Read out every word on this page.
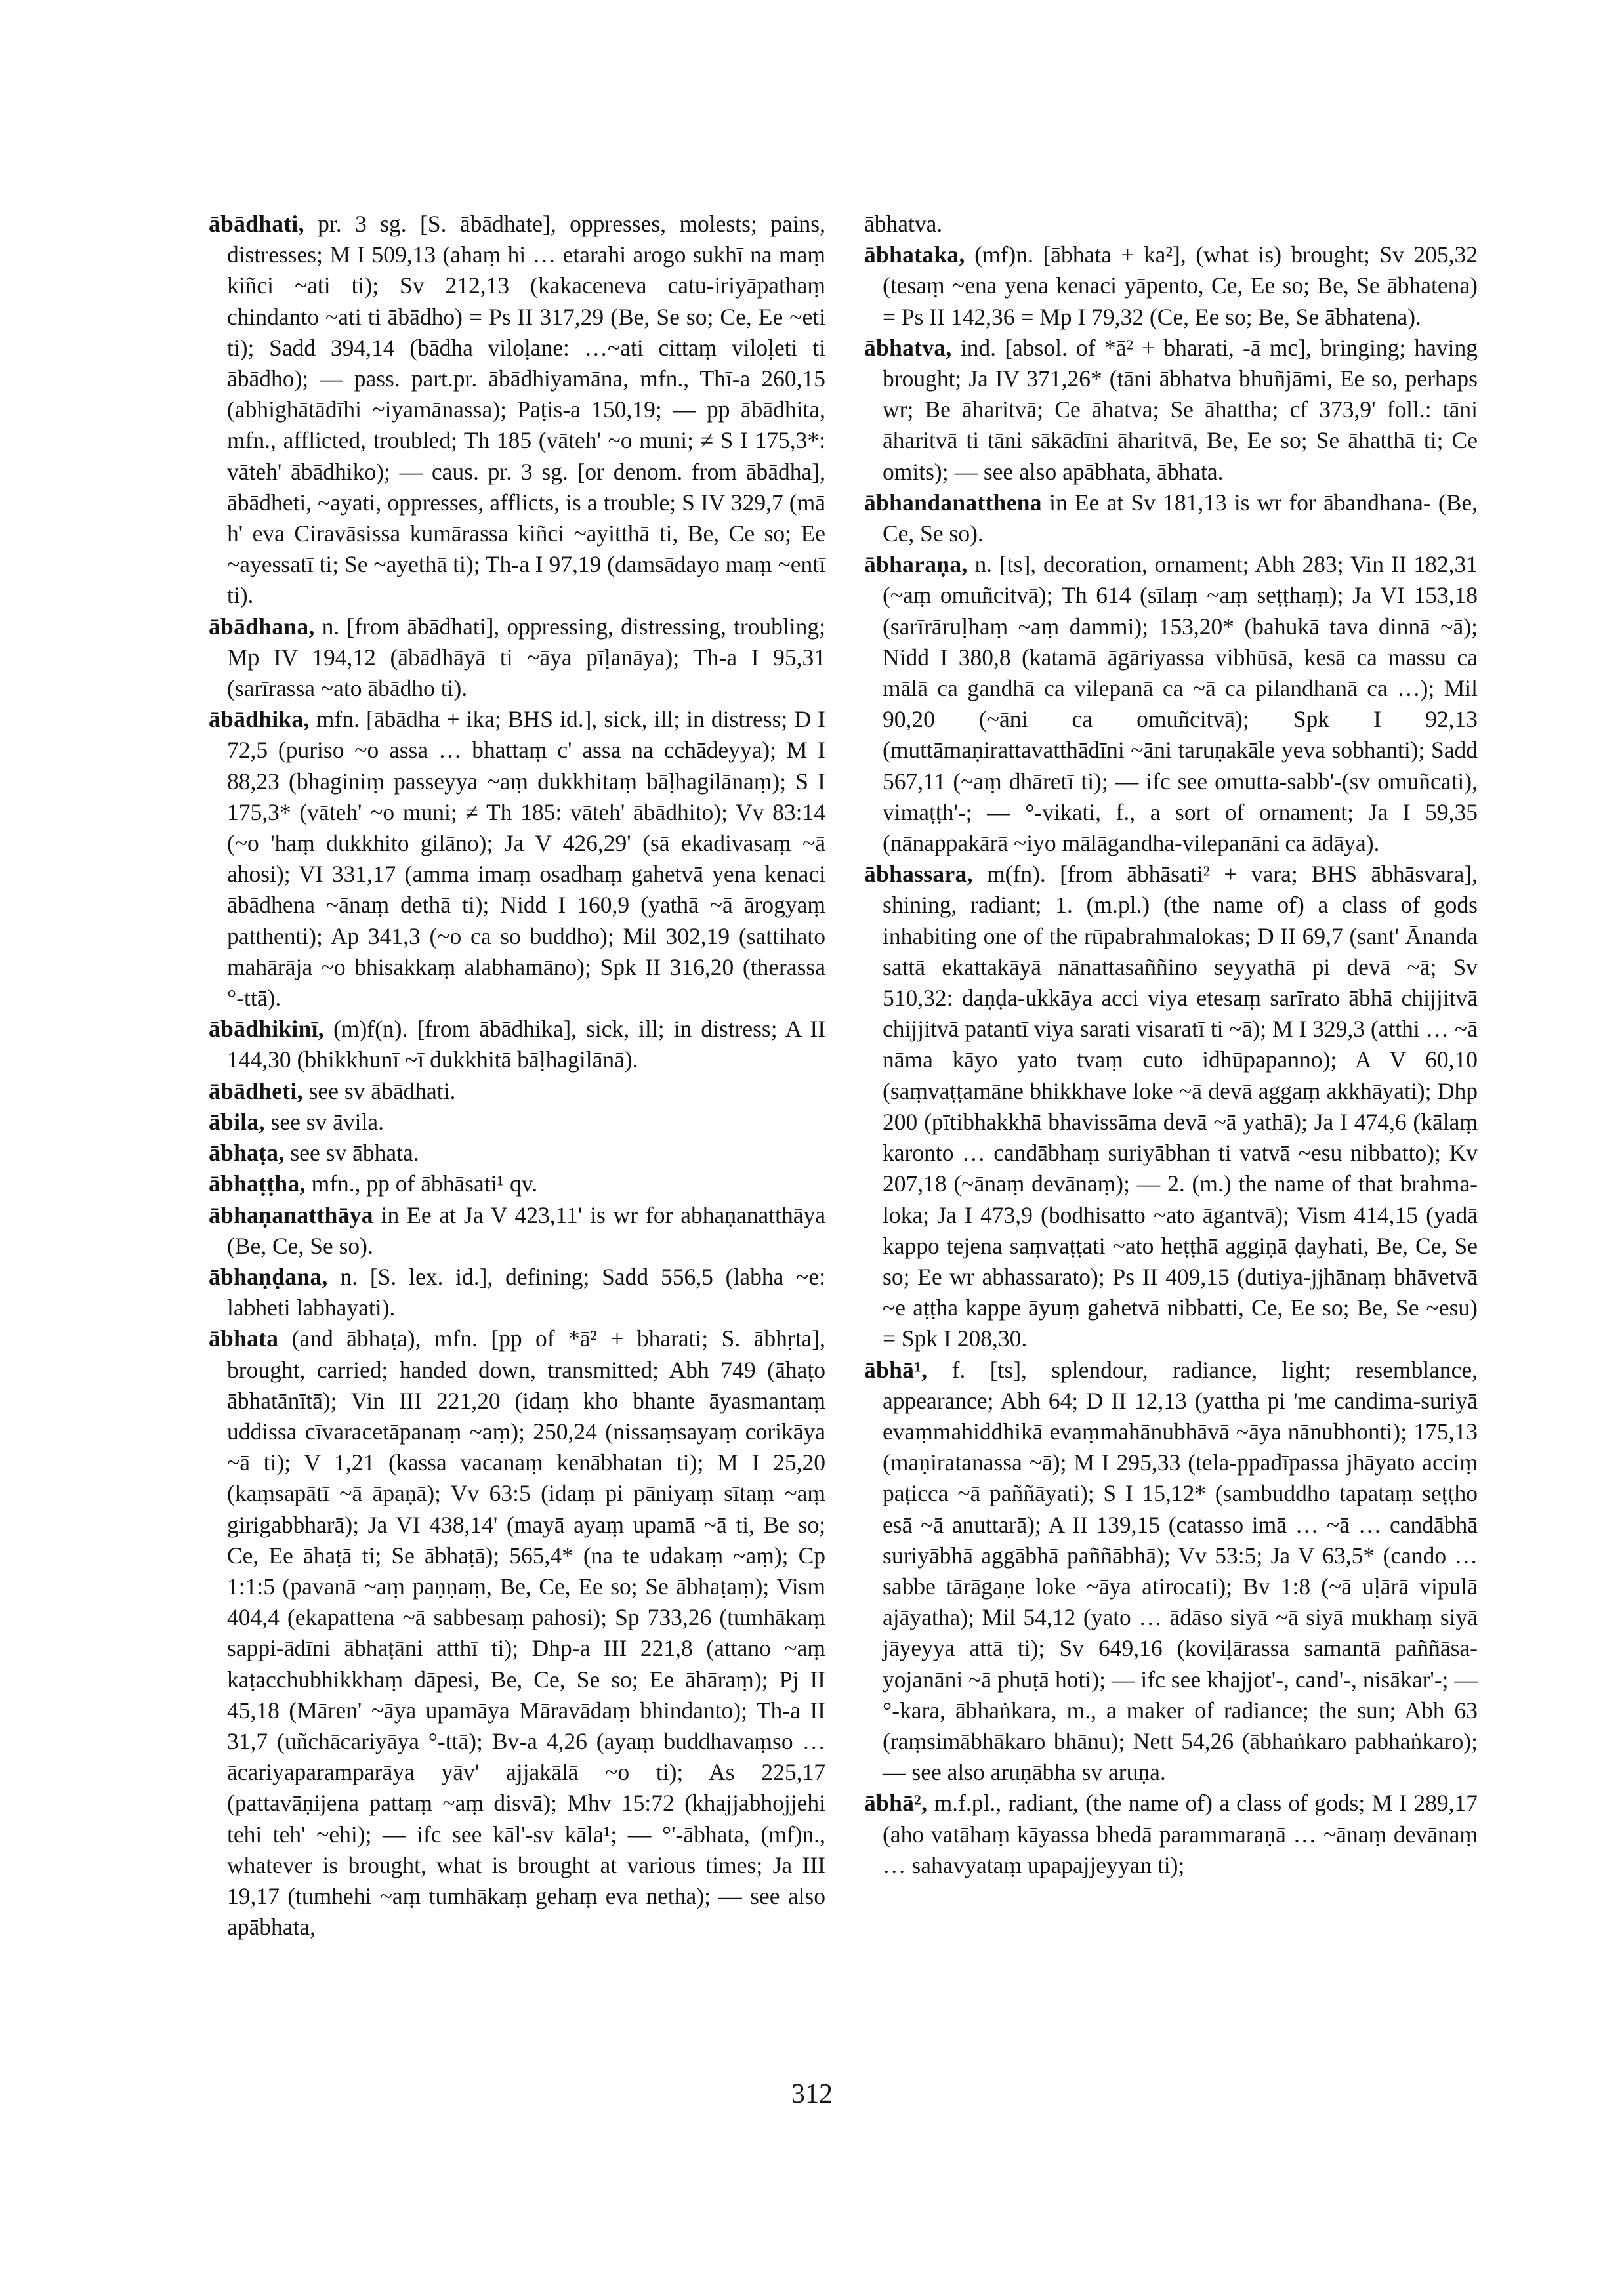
ābādhati, pr. 3 sg. [S. ābādhate], oppresses, molests; pains, distresses; M I 509,13 (ahaṃ hi … etarahi arogo sukhī na maṃ kiñci ~ati ti); Sv 212,13 (kakaceneva catu-iriyāpathaṃ chindanto ~ati ti ābādho) = Ps II 317,29 (Be, Se so; Ce, Ee ~eti ti); Sadd 394,14 (bādha viloḷane: …~ati cittaṃ viloḷeti ti ābādho); — pass. part.pr. ābādhiyamāna, mfn., Thī-a 260,15 (abhighātādīhi ~iyamānassa); Paṭis-a 150,19; — pp ābādhita, mfn., afflicted, troubled; Th 185 (vāteh' ~o muni; ≠ S I 175,3*: vāteh' ābādhiko); — caus. pr. 3 sg. [or denom. from ābādha], ābādheti, ~ayati, oppresses, afflicts, is a trouble; S IV 329,7 (mā h' eva Ciravāsissa kumārassa kiñci ~ayitthā ti, Be, Ce so; Ee ~ayessatī ti; Se ~ayethā ti); Th-a I 97,19 (damsādayo maṃ ~entī ti).

ābādhana, n. [from ābādhati], oppressing, distressing, troubling; Mp IV 194,12 (ābādhāyā ti ~āya pīḷanāya); Th-a I 95,31 (sarīrassa ~ato ābādho ti).

ābādhika, mfn. [ābādha + ika; BHS id.], sick, ill; in distress; D I 72,5 (puriso ~o assa … bhattaṃ c' assa na cchādeyya); M I 88,23 (bhaginiṃ passeyya ~aṃ dukkhitaṃ bāḷhagilānaṃ); S I 175,3* (vāteh' ~o muni; ≠ Th 185: vāteh' ābādhito); Vv 83:14 (~o 'haṃ dukkhito gilāno); Ja V 426,29' (sā ekadivasaṃ ~ā ahosi); VI 331,17 (amma imaṃ osadhaṃ gahetvā yena kenaci ābādhena ~ānaṃ dethā ti); Nidd I 160,9 (yathā ~ā ārogyaṃ patthenti); Ap 341,3 (~o ca so buddho); Mil 302,19 (sattihato mahārāja ~o bhisakkaṃ alabhamāno); Spk II 316,20 (therassa °-ttā).

ābādhikinī, (m)f(n). [from ābādhika], sick, ill; in distress; A II 144,30 (bhikkhunī ~ī dukkhitā bāḷhagilānā).

ābādheti, see sv ābādhati.

ābila, see sv āvila.

ābhaṭa, see sv ābhata.

ābhaṭṭha, mfn., pp of ābhāsati¹ qv.

ābhaṇanatthāya in Ee at Ja V 423,11' is wr for abhaṇanatthāya (Be, Ce, Se so).

ābhaṇḍana, n. [S. lex. id.], defining; Sadd 556,5 (labha ~e: labheti labhayati).

ābhata (and ābhaṭa), mfn. [pp of *ā² + bharati; S. ābhṛta], brought, carried; handed down, transmitted; Abh 749 (āhaṭo ābhatānītā); Vin III 221,20 (idaṃ kho bhante āyasmantaṃ uddissa cīvaracetāpanaṃ ~aṃ); 250,24 (nissaṃsayaṃ corikāya ~ā ti); V 1,21 (kassa vacanaṃ kenābhatan ti); M I 25,20 (kaṃsapātī ~ā āpaṇā); Vv 63:5 (idaṃ pi pāniyaṃ sītaṃ ~aṃ girigabbharā); Ja VI 438,14' (mayā ayaṃ upamā ~ā ti, Be so; Ce, Ee āhaṭā ti; Se ābhaṭā); 565,4* (na te udakaṃ ~aṃ); Cp 1:1:5 (pavanā ~aṃ paṇṇaṃ, Be, Ce, Ee so; Se ābhaṭaṃ); Vism 404,4 (ekapattena ~ā sabbesaṃ pahosi); Sp 733,26 (tumhākaṃ sappi-ādīni ābhaṭāni atthī ti); Dhp-a III 221,8 (attano ~aṃ kaṭacchubhikkhaṃ dāpesi, Be, Ce, Se so; Ee āhāraṃ); Pj II 45,18 (Māren' ~āya upamāya Māravādaṃ bhindanto); Th-a II 31,7 (uñchācariyāya °-ttā); Bv-a 4,26 (ayaṃ buddhavaṃso … ācariyaparamparāya yāv' ajjakālā ~o ti); As 225,17 (pattavāṇijena pattaṃ ~aṃ disvā); Mhv 15:72 (khajjabhojjehi tehi teh' ~ehi); — ifc see kāl'-sv kāla¹; — °'-ābhata, (mf)n., whatever is brought, what is brought at various times; Ja III 19,17 (tumhehi ~aṃ tumhākaṃ gehaṃ eva netha); — see also apābhata,

ābhatva.

ābhataka, (mf)n. [ābhata + ka²], (what is) brought; Sv 205,32 (tesaṃ ~ena yena kenaci yāpento, Ce, Ee so; Be, Se ābhatena) = Ps II 142,36 = Mp I 79,32 (Ce, Ee so; Be, Se ābhatena).

ābhatva, ind. [absol. of *ā² + bharati, -ā mc], bringing; having brought; Ja IV 371,26* (tāni ābhatva bhuñjāmi, Ee so, perhaps wr; Be āharitvā; Ce āhatva; Se āhattha; cf 373,9' foll.: tāni āharitvā ti tāni sākādīni āharitvā, Be, Ee so; Se āhatthā ti; Ce omits); — see also apābhata, ābhata.

ābhandanatthena in Ee at Sv 181,13 is wr for ābandhana- (Be, Ce, Se so).

ābharaṇa, n. [ts], decoration, ornament; Abh 283; Vin II 182,31 (~aṃ omuñcitvā); Th 614 (sīlaṃ ~aṃ seṭṭhaṃ); Ja VI 153,18 (sarīrāruḷhaṃ ~aṃ dammi); 153,20* (bahukā tava dinnā ~ā); Nidd I 380,8 (katamā āgāriyassa vibhūsā, kesā ca massu ca mālā ca gandhā ca vilepanā ca ~ā ca pilandhanā ca …); Mil 90,20 (~āni ca omuñcitvā); Spk I 92,13 (muttāmaṇirattavatthādīni ~āni taruṇakāle yeva sobhanti); Sadd 567,11 (~aṃ dhāretī ti); — ifc see omutta-sabb'-(sv omuñcati), vimaṭṭh'-; — °-vikati, f., a sort of ornament; Ja I 59,35 (nānappakārā ~iyo mālāgandha-vilepanāni ca ādāya).

ābhassara, m(fn). [from ābhāsati² + vara; BHS ābhāsvara], shining, radiant; 1. (m.pl.) (the name of) a class of gods inhabiting one of the rūpabrahmalokas; D II 69,7 (sant' Ānanda sattā ekattakāyā nānattasaññino seyyathā pi devā ~ā; Sv 510,32: daṇḍa-ukkāya acci viya etesaṃ sarīrato ābhā chijjitvā chijjitvā patantī viya sarati visaratī ti ~ā); M I 329,3 (atthi … ~ā nāma kāyo yato tvaṃ cuto idhūpapanno); A V 60,10 (saṃvaṭṭamāne bhikkhave loke ~ā devā aggaṃ akkhāyati); Dhp 200 (pītibhakkhā bhavissāma devā ~ā yathā); Ja I 474,6 (kālaṃ karonto … candābhaṃ suriyābhan ti vatvā ~esu nibbatto); Kv 207,18 (~ānaṃ devānaṃ); — 2. (m.) the name of that brahma-loka; Ja I 473,9 (bodhisatto ~ato āgantvā); Vism 414,15 (yadā kappo tejena saṃvaṭṭati ~ato heṭṭhā aggiṇā ḍayhati, Be, Ce, Se so; Ee wr abhassarato); Ps II 409,15 (dutiya-jjhānaṃ bhāvetvā ~e aṭṭha kappe āyuṃ gahetvā nibbatti, Ce, Ee so; Be, Se ~esu) = Spk I 208,30.

ābhā¹, f. [ts], splendour, radiance, light; resemblance, appearance; Abh 64; D II 12,13 (yattha pi 'me candima-suriyā evaṃmahiddhikā evaṃmahānubhāvā ~āya nānubhonti); 175,13 (maṇiratanassa ~ā); M I 295,33 (tela-ppadīpassa jhāyato acciṃ paṭicca ~ā paññāyati); S I 15,12* (sambuddho tapataṃ seṭṭho esā ~ā anuttarā); A II 139,15 (catasso imā … ~ā … candābhā suriyābhā aggābhā paññābhā); Vv 53:5; Ja V 63,5* (cando … sabbe tārāgaṇe loke ~āya atirocati); Bv 1:8 (~ā uḷārā vipulā ajāyatha); Mil 54,12 (yato … ādāso siyā ~ā siyā mukhaṃ siyā jāyeyya attā ti); Sv 649,16 (koviḷārassa samantā paññāsa-yojanāni ~ā phuṭā hoti); — ifc see khajjot'-, cand'-, nisākar'-; — °-kara, ābhaṅkara, m., a maker of radiance; the sun; Abh 63 (raṃsimābhākaro bhānu); Nett 54,26 (ābhaṅkaro pabhaṅkaro); — see also aruṇābha sv aruṇa.

ābhā², m.f.pl., radiant, (the name of) a class of gods; M I 289,17 (aho vatāhaṃ kāyassa bhedā parammaraṇā … ~ānaṃ devānaṃ … sahavyataṃ upapajjeyyan ti);

312
